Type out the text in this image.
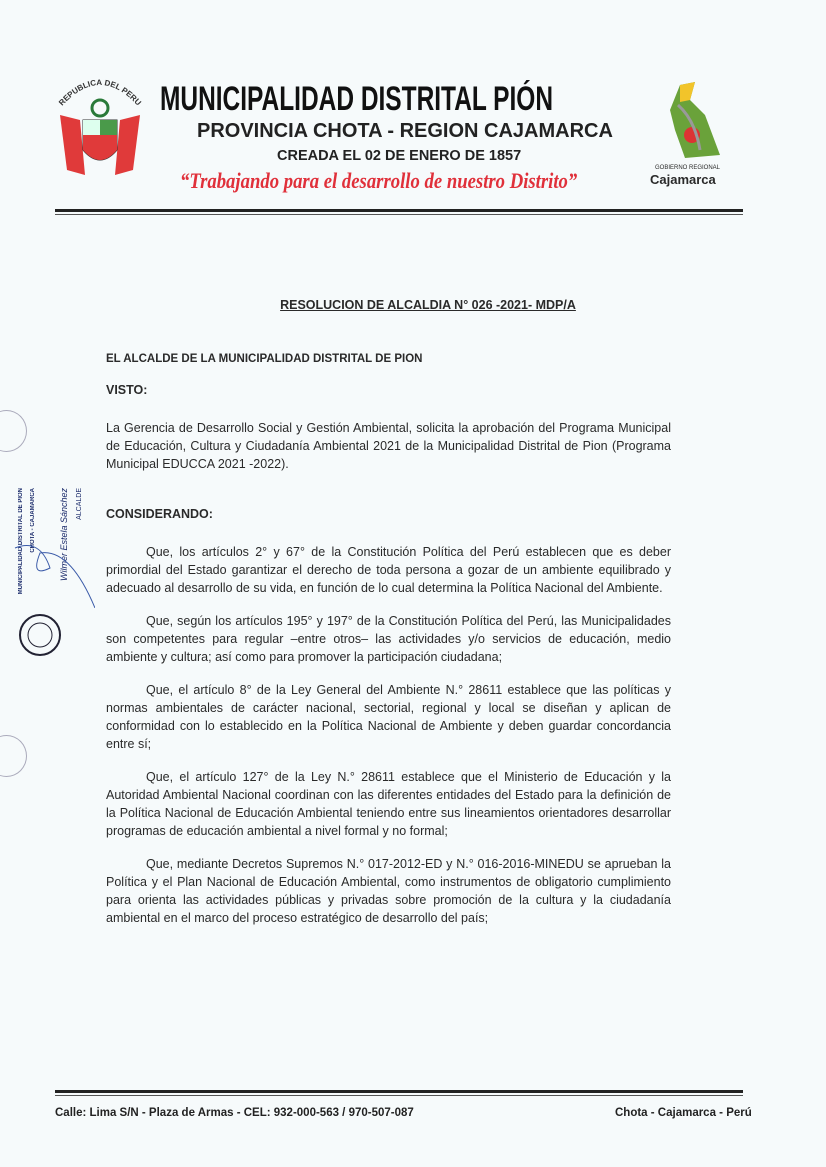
REPUBLICA DEL PERU MUNICIPALIDAD DISTRITAL PIÓN
PROVINCIA CHOTA - REGION CAJAMARCA
CREADA EL 02 DE ENERO DE 1857
“Trabajando para el desarrollo de nuestro Distrito”	GOBIERNO REGIONAL
Cajamarca
RESOLUCION DE ALCALDIA N° 026 -2021- MDP/A
EL ALCALDE DE LA MUNICIPALIDAD DISTRITAL DE PION
VISTO:
La Gerencia de Desarrollo Social y Gestión Ambiental, solicita la aprobación del Programa Municipal de Educación, Cultura y Ciudadanía Ambiental 2021 de la Municipalidad Distrital de Pion (Programa Municipal EDUCCA 2021 -2022).
CONSIDERANDO:
Que, los artículos 2° y 67° de la Constitución Política del Perú establecen que es deber primordial del Estado garantizar el derecho de toda persona a gozar de un ambiente equilibrado y adecuado al desarrollo de su vida, en función de lo cual determina la Política Nacional del Ambiente.
Que, según los artículos 195° y 197° de la Constitución Política del Perú, las Municipalidades son competentes para regular –entre otros– las actividades y/o servicios de educación, medio ambiente y cultura; así como para promover la participación ciudadana;
Que, el artículo 8° de la Ley General del Ambiente N.° 28611 establece que las políticas y normas ambientales de carácter nacional, sectorial, regional y local se diseñan y aplican de conformidad con lo establecido en la Política Nacional de Ambiente y deben guardar concordancia entre sí;
Que, el artículo 127° de la Ley N.° 28611 establece que el Ministerio de Educación y la Autoridad Ambiental Nacional coordinan con las diferentes entidades del Estado para la definición de la Política Nacional de Educación Ambiental teniendo entre sus lineamientos orientadores desarrollar programas de educación ambiental a nivel formal y no formal;
Que, mediante Decretos Supremos N.° 017-2012-ED y N.° 016-2016-MINEDU se aprueban la Política y el Plan Nacional de Educación Ambiental, como instrumentos de obligatorio cumplimiento para orienta las actividades públicas y privadas sobre promoción de la cultura y la ciudadanía ambiental en el marco del proceso estratégico de desarrollo del país;
MUNICIPALIDAD DISTRITAL DE PION CHOTA - CAJAMARCA	Wilmer Estela Sánchez ALCALDE
Calle: Lima S/N - Plaza de Armas - CEL: 932-000-563 / 970-507-087	Chota - Cajamarca - Perú
